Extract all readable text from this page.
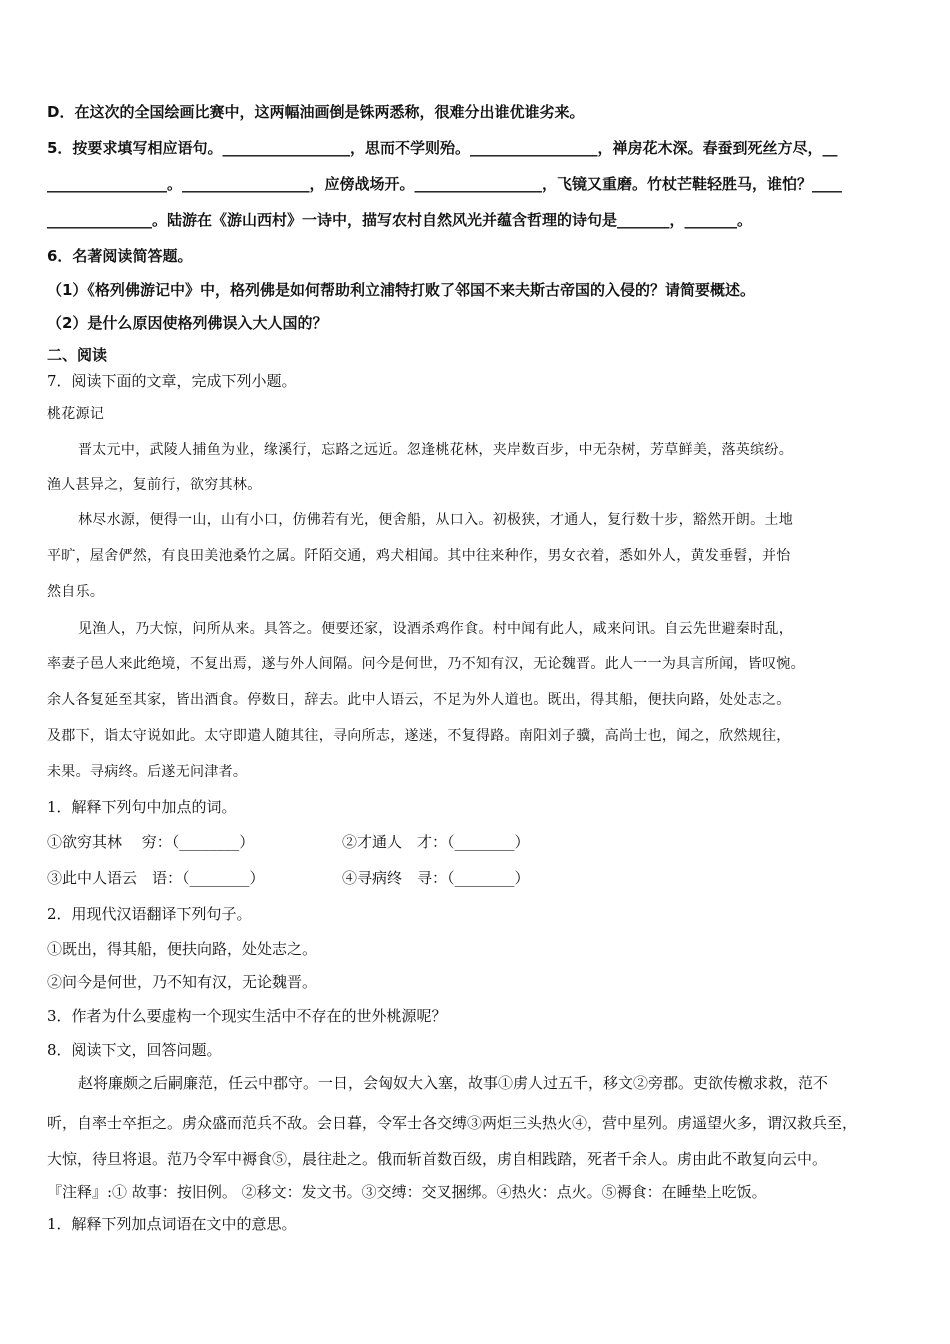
D．在这次的全国绘画比赛中，这两幅油画倒是铢两悉称，很难分出谁优谁劣来。
5．按要求填写相应语句。_________________，思而不学则殆。_________________，禅房花木深。春蚕到死丝方尽，__
________________。_________________，应傍战场开。_________________，飞镜又重磨。竹杖芒鞋轻胜马，谁怕？____
______________。陆游在《游山西村》一诗中，描写农村自然风光并蕴含哲理的诗句是_______，_______。
6．名著阅读简答题。
（1）《格列佛游记中》中，格列佛是如何帮助利立浦特打败了邻国不来夫斯古帝国的入侵的？请简要概述。
（2）是什么原因使格列佛误入大人国的？
二、阅读
7．阅读下面的文章，完成下列小题。
桃花源记
晋太元中，武陵人捕鱼为业，缘溪行，忘路之远近。忽逢桃花林，夹岸数百步，中无杂树，芳草鲜美，落英缤纷。
渔人甚异之，复前行，欲穷其林。
林尽水源，便得一山，山有小口，仿佛若有光，便舍船，从口入。初极狭，才通人，复行数十步，豁然开朗。土地
平旷，屋舍俨然，有良田美池桑竹之属。阡陌交通，鸡犬相闻。其中往来种作，男女衣着，悉如外人，黄发垂髫，并怡
然自乐。
见渔人，乃大惊，问所从来。具答之。便要还家，设酒杀鸡作食。村中闻有此人，咸来问讯。自云先世避秦时乱，
率妻子邑人来此绝境，不复出焉，遂与外人间隔。问今是何世，乃不知有汉，无论魏晋。此人一一为具言所闻，皆叹惋。
余人各复延至其家，皆出酒食。停数日，辞去。此中人语云，不足为外人道也。既出，得其船，便扶向路，处处志之。
及郡下，诣太守说如此。太守即遣人随其往，寻向所志，遂迷，不复得路。南阳刘子骥，高尚士也，闻之，欣然规往，
未果。寻病终。后遂无问津者。
1．解释下列句中加点的词。
①欲穷其林　 穷：（________）	②才通人　才：（________）
③此中人语云　语：（________）	④寻病终　寻：（________）
2．用现代汉语翻译下列句子。
①既出，得其船，便扶向路，处处志之。
②问今是何世，乃不知有汉，无论魏晋。
3．作者为什么要虚构一个现实生活中不存在的世外桃源呢？
8．阅读下文，回答问题。
赵将廉颇之后嗣廉范，任云中郡守。一日，会匈奴大入塞，故事①虏人过五千，移文②旁郡。吏欲传檄求救，范不
听，自率士卒拒之。虏众盛而范兵不敌。会日暮，令军士各交缚③两炬三头热火④，营中星列。虏遥望火多，谓汉救兵至，
大惊，待旦将退。范乃令军中褥食⑤，晨往赴之。俄而斩首数百级，虏自相践踏，死者千余人。虏由此不敢复向云中。
『注释』:① 故事：按旧例。 ②移文：发文书。③交缚：交叉捆绑。④热火：点火。⑤褥食：在睡垫上吃饭。
1．解释下列加点词语在文中的意思。
